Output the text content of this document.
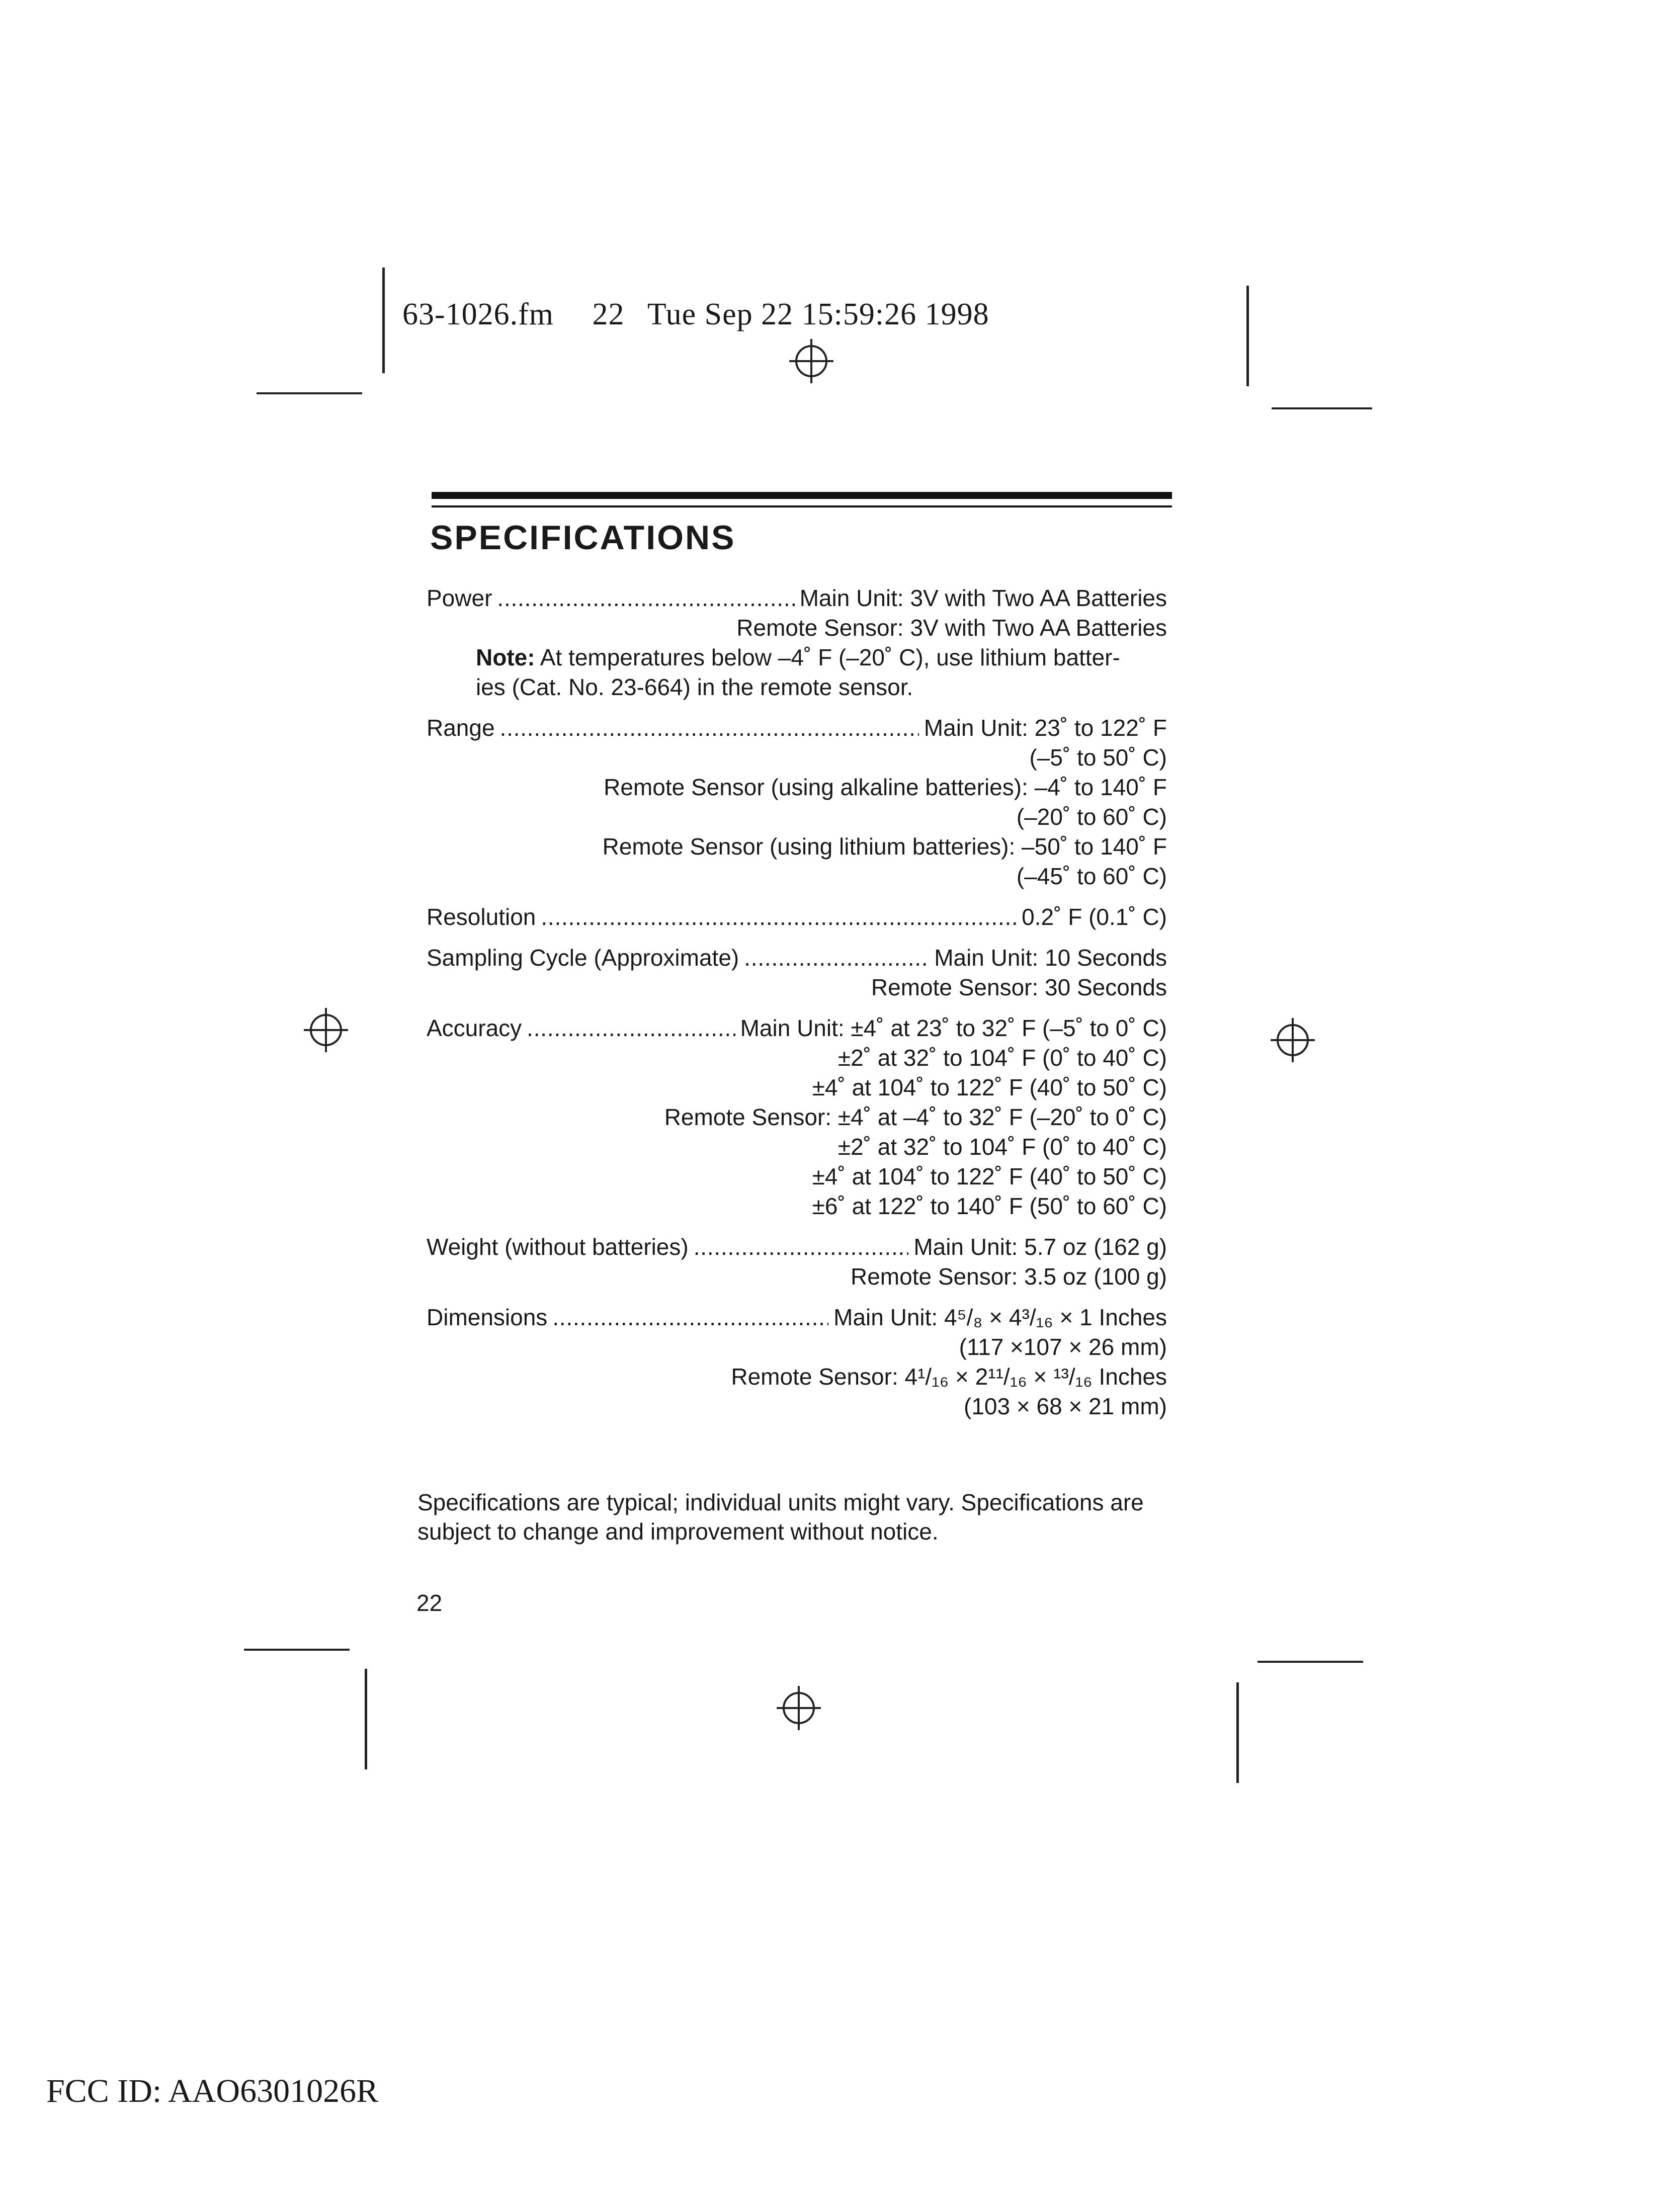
63-1026.fm 22 Tue Sep 22 15:59:26 1998
SPECIFICATIONS
Power . . .	Main Unit: 3V with Two AA Batteries
Remote Sensor: 3V with Two AA Batteries
Note: At temperatures below –4˚ F (–20˚ C), use lithium batter-
ies (Cat. No. 23-664) in the remote sensor.
Range . . .	Main Unit: 23˚ to 122˚ F
(–5˚ to 50˚ C)
Remote Sensor (using alkaline batteries): –4˚ to 140˚ F
(–20˚ to 60˚ C)
Remote Sensor (using lithium batteries): –50˚ to 140˚ F
(–45˚ to 60˚ C)
Resolution . . .	0.2˚ F (0.1˚ C)
Sampling Cycle (Approximate) . . .	Main Unit: 10 Seconds
Remote Sensor: 30 Seconds
Accuracy . . .	Main Unit: ±4˚ at 23˚ to 32˚ F (–5˚ to 0˚ C)
±2˚ at 32˚ to 104˚ F (0˚ to 40˚ C)
±4˚ at 104˚ to 122˚ F (40˚ to 50˚ C)
Remote Sensor: ±4˚ at –4˚ to 32˚ F (–20˚ to 0˚ C)
±2˚ at 32˚ to 104˚ F (0˚ to 40˚ C)
±4˚ at 104˚ to 122˚ F (40˚ to 50˚ C)
±6˚ at 122˚ to 140˚ F (50˚ to 60˚ C)
Weight (without batteries) . . .	Main Unit: 5.7 oz (162 g)
Remote Sensor: 3.5 oz (100 g)
Dimensions . . .	Main Unit: 4⁵/₈ × 4³/₁₆ × 1 Inches
(117 ×107 × 26 mm)
Remote Sensor: 4¹/₁₆ × 2¹¹/₁₆ × ¹³/₁₆ Inches
(103 × 68 × 21 mm)
Specifications are typical; individual units might vary. Specifications are subject to change and improvement without notice.
22
FCC ID: AAO6301026R
